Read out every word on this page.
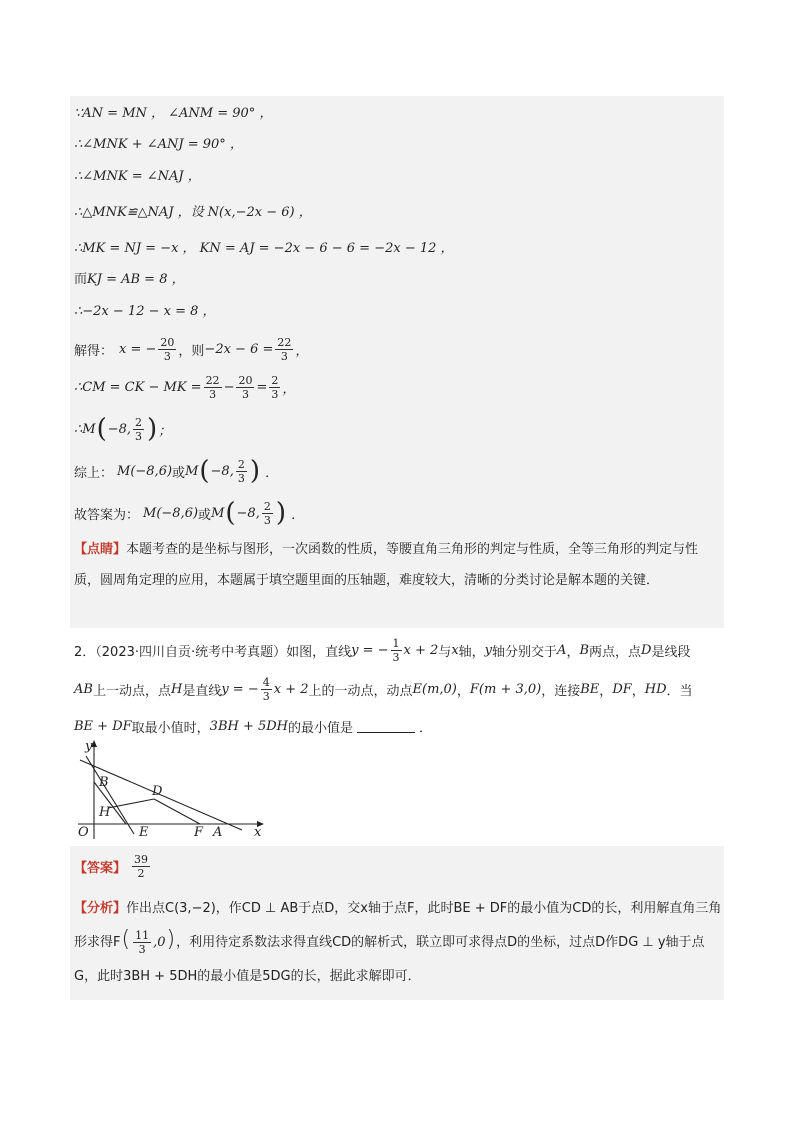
∵AN = MN ， ∠ANM = 90° ，
∴∠MNK + ∠ANJ = 90° ，
∴∠MNK = ∠NAJ ，
∴△MNK≌△NAJ ，设 N(x,−2x − 6) ，
∴MK = NJ = −x ， KN = AJ = −2x − 6 − 6 = −2x − 12 ，
而 KJ = AB = 8 ，
∴−2x − 12 − x = 8 ，
解得： x = − $\frac{20}{3}$ ，则 $-2x - 6 = \frac{22}{3}$ ，
∴CM = CK − MK = $\frac{22}{3} - \frac{20}{3} = \frac{2}{3}$ ，
∴M ( −8, $\frac{2}{3}$ ) ；
综上： M(−8,6) 或 M ( −8, $\frac{2}{3}$ ) ．
故答案为： M(−8,6) 或 M ( −8, $\frac{2}{3}$ ) ．
【点睛】本题考查的是坐标与图形，一次函数的性质，等腰直角三角形的判定与性质，全等三角形的判定与性质，圆周角定理的应用，本题属于填空题里面的压轴题，难度较大，清晰的分类讨论是解本题的关键．
2．（2023·四川自贡·统考中考真题）如图，直线 y = − $\frac{1}{3}$ x + 2 与 x 轴， y 轴分别交于 A ， B 两点，点 D 是线段
AB 上一动点，点 H 是直线 y = − $\frac{4}{3}$ x + 2 上的一动点，动点 E(m,0) ， F(m + 3,0) ，连接 BE ， DF ， HD ．当
BE + DF 取最小值时， 3BH + 5DH 的最小值是	．
y
B
D
H
O	E	F A x
【答案】 $\frac{39}{2}$
【分析】作出点C(3,−2)，作CD ⊥ AB于点D，交x轴于点F，此时BE + DF的最小值为CD的长，利用解直角三角形求得$F( \frac{11}{3} ,0)$，利用待定系数法求得直线CD的解析式，联立即可求得点D的坐标，过点D作DG ⊥ y轴于点G，此时3BH + 5DH的最小值是5DG的长，据此求解即可．
